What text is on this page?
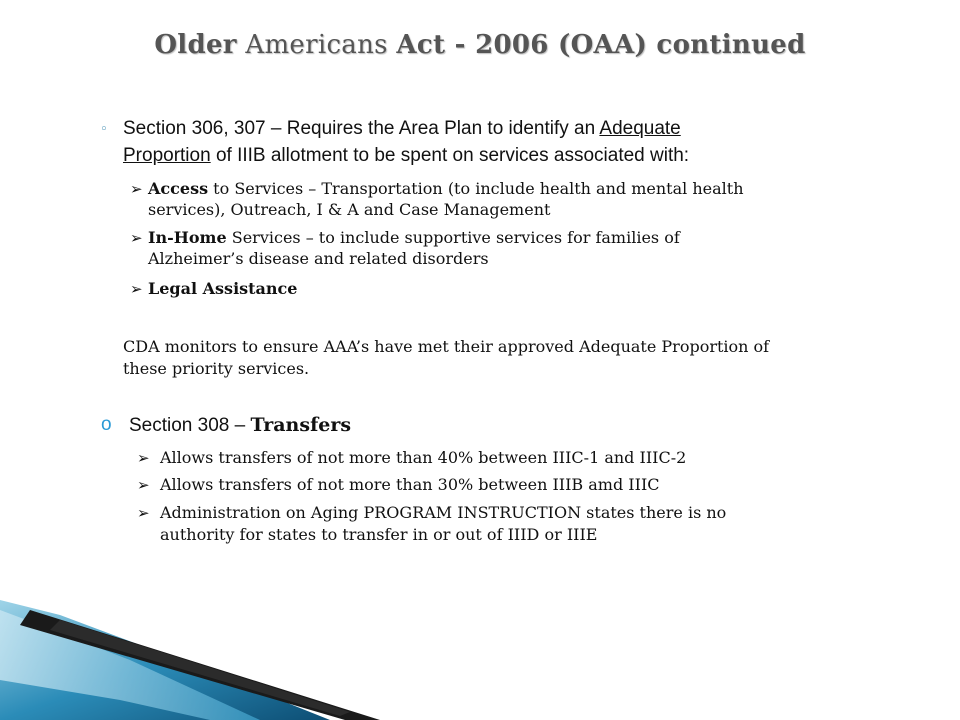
Older Americans Act - 2006 (OAA) continued
◦ Section 306, 307 – Requires the Area Plan to identify an Adequate
Proportion of IIIB allotment to be spent on services associated with:
➢ Access to Services – Transportation (to include health and mental health
services), Outreach, I & A and Case Management
➢ In-Home Services – to include supportive services for families of
Alzheimer’s disease and related disorders
➢ Legal Assistance
CDA monitors to ensure AAA’s have met their approved Adequate Proportion of
these priority services.
o Section 308 – Transfers
➢ Allows transfers of not more than 40% between IIIC-1 and IIIC-2
➢ Allows transfers of not more than 30% between IIIB amd IIIC
➢ Administration on Aging PROGRAM INSTRUCTION states there is no
authority for states to transfer in or out of IIID or IIIE
